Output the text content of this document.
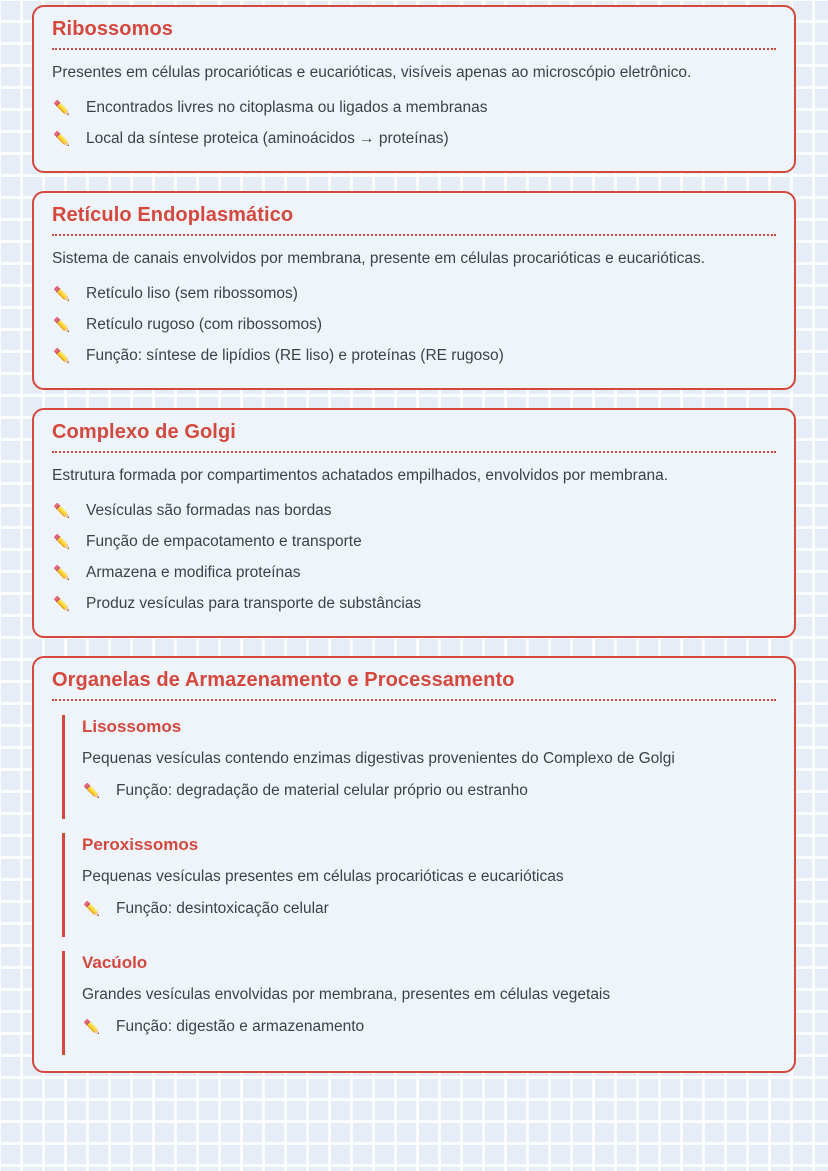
Ribossomos

Presentes em células procarióticas e eucarióticas, visíveis apenas ao microscópio eletrônico.

Encontrados livres no citoplasma ou ligados a membranas
Local da síntese proteica (aminoácidos → proteínas)
Retículo Endoplasmático

Sistema de canais envolvidos por membrana, presente em células procarióticas e eucarióticas.

Retículo liso (sem ribossomos)
Retículo rugoso (com ribossomos)
Função: síntese de lipídios (RE liso) e proteínas (RE rugoso)
Complexo de Golgi

Estrutura formada por compartimentos achatados empilhados, envolvidos por membrana.

Vesículas são formadas nas bordas
Função de empacotamento e transporte
Armazena e modifica proteínas
Produz vesículas para transporte de substâncias
Organelas de Armazenamento e Processamento
Lisossomos

Pequenas vesículas contendo enzimas digestivas provenientes do Complexo de Golgi

Função: degradação de material celular próprio ou estranho
Peroxissomos

Pequenas vesículas presentes em células procarióticas e eucarióticas

Função: desintoxicação celular
Vacúolo

Grandes vesículas envolvidas por membrana, presentes em células vegetais

Função: digestão e armazenamento
